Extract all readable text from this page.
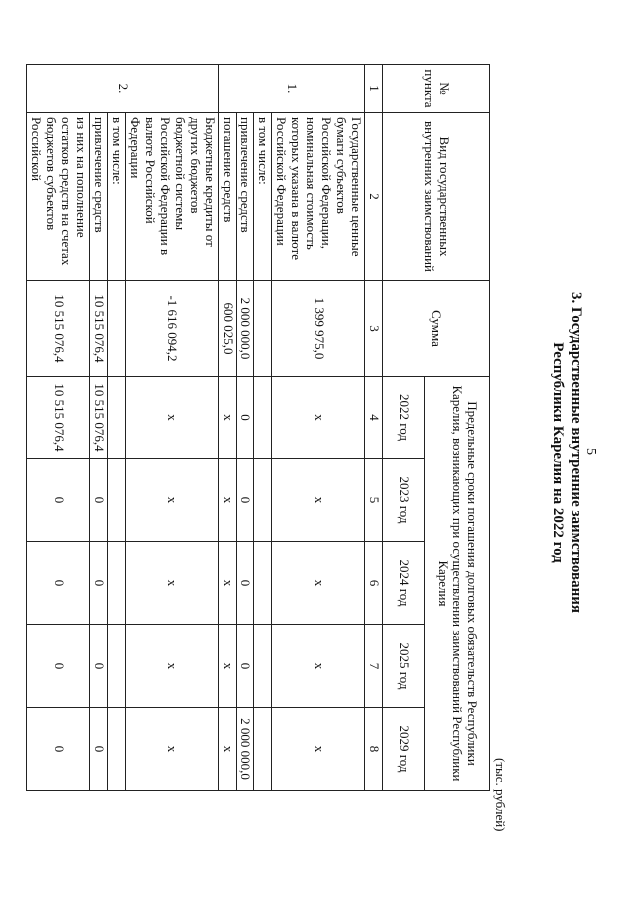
5
3. Государственные внутренние заимствования
Республики Карелия на 2022 год
(тыс. рублей)
№ пункта	Вид государственных внутренних заимствований	Сумма	Предельные сроки погашения долговых обязательств Республики Карелия, возникающих при осуществлении заимствований Республики Карелия				
			2022 год	2023 год	2024 год	2025 год	2029 год
1	2	3	4	5	6	7	8
1.	Государственные ценные бумаги субъектов Российской Федерации, номинальная стоимость которых указана в валюте Российской Федерации	1 399 975,0	х	х	х	х	х
	в том числе:						
	привлечение средств	2 000 000,0	0	0	0	0	2 000 000,0
	погашение средств	600 025,0	х	х	х	х	х
2.	Бюджетные кредиты от других бюджетов бюджетной системы Российской Федерации в валюте Российской Федерации	-1 616 094,2	х	х	х	х	х
	в том числе:						
	привлечение средств	10 515 076,4	10 515 076,4	0	0	0	0
	из них на пополнение остатков средств на счетах бюджетов субъектов Российской	10 515 076,4	10 515 076,4	0	0	0	0
